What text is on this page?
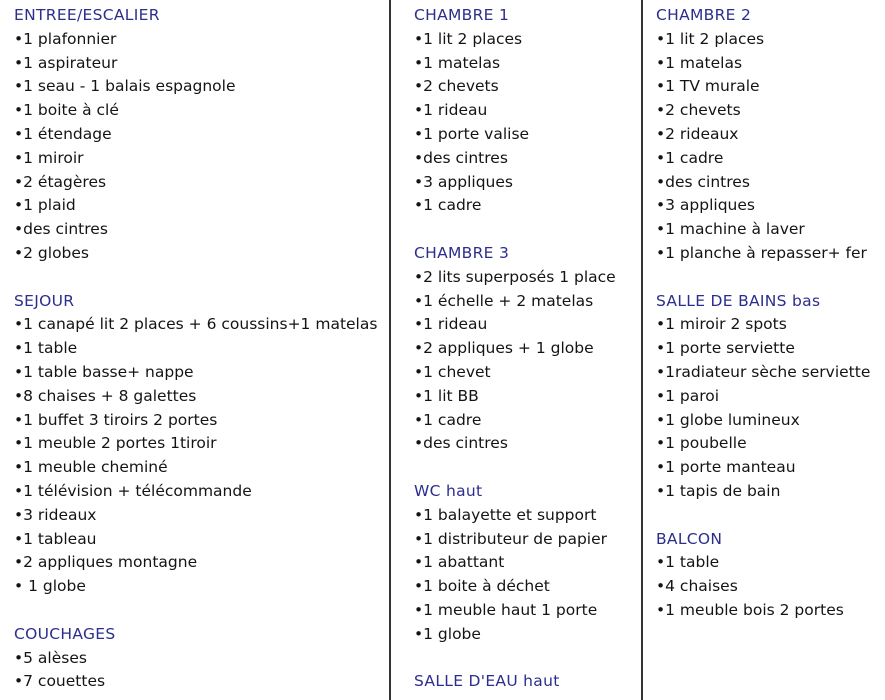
ENTREE/ESCALIER
•1 plafonnier
•1 aspirateur
•1 seau - 1 balais espagnole
•1 boite à clé
•1 étendage
•1 miroir
•2 étagères
•1 plaid
•des cintres
•2 globes
SEJOUR
•1 canapé lit 2 places + 6 coussins+1 matelas
•1 table
•1 table basse+ nappe
•8 chaises + 8 galettes
•1 buffet 3 tiroirs 2 portes
•1 meuble 2 portes 1tiroir
•1 meuble cheminé
•1 télévision + télécommande
•3 rideaux
•1 tableau
•2 appliques montagne
• 1 globe
COUCHAGES
•5 alèses
•7 couettes
CHAMBRE 1
•1 lit 2 places
•1 matelas
•2 chevets
•1 rideau
•1 porte valise
•des cintres
•3 appliques
•1 cadre
CHAMBRE 3
•2 lits superposés 1 place
•1 échelle + 2 matelas
•1 rideau
•2 appliques + 1 globe
•1 chevet
•1 lit BB
•1 cadre
•des cintres
WC haut
•1 balayette et support
•1 distributeur de papier
•1 abattant
•1 boite à déchet
•1 meuble haut 1 porte
•1 globe
SALLE D'EAU haut
CHAMBRE 2
•1 lit 2 places
•1 matelas
•1 TV murale
•2 chevets
•2 rideaux
•1 cadre
•des cintres
•3 appliques
•1 machine à laver
•1 planche à repasser+ fer
SALLE DE BAINS bas
•1 miroir 2 spots
•1 porte serviette
•1radiateur sèche serviette
•1 paroi
•1 globe lumineux
•1 poubelle
•1 porte manteau
•1 tapis de bain
BALCON
•1 table
•4 chaises
•1 meuble bois 2 portes
